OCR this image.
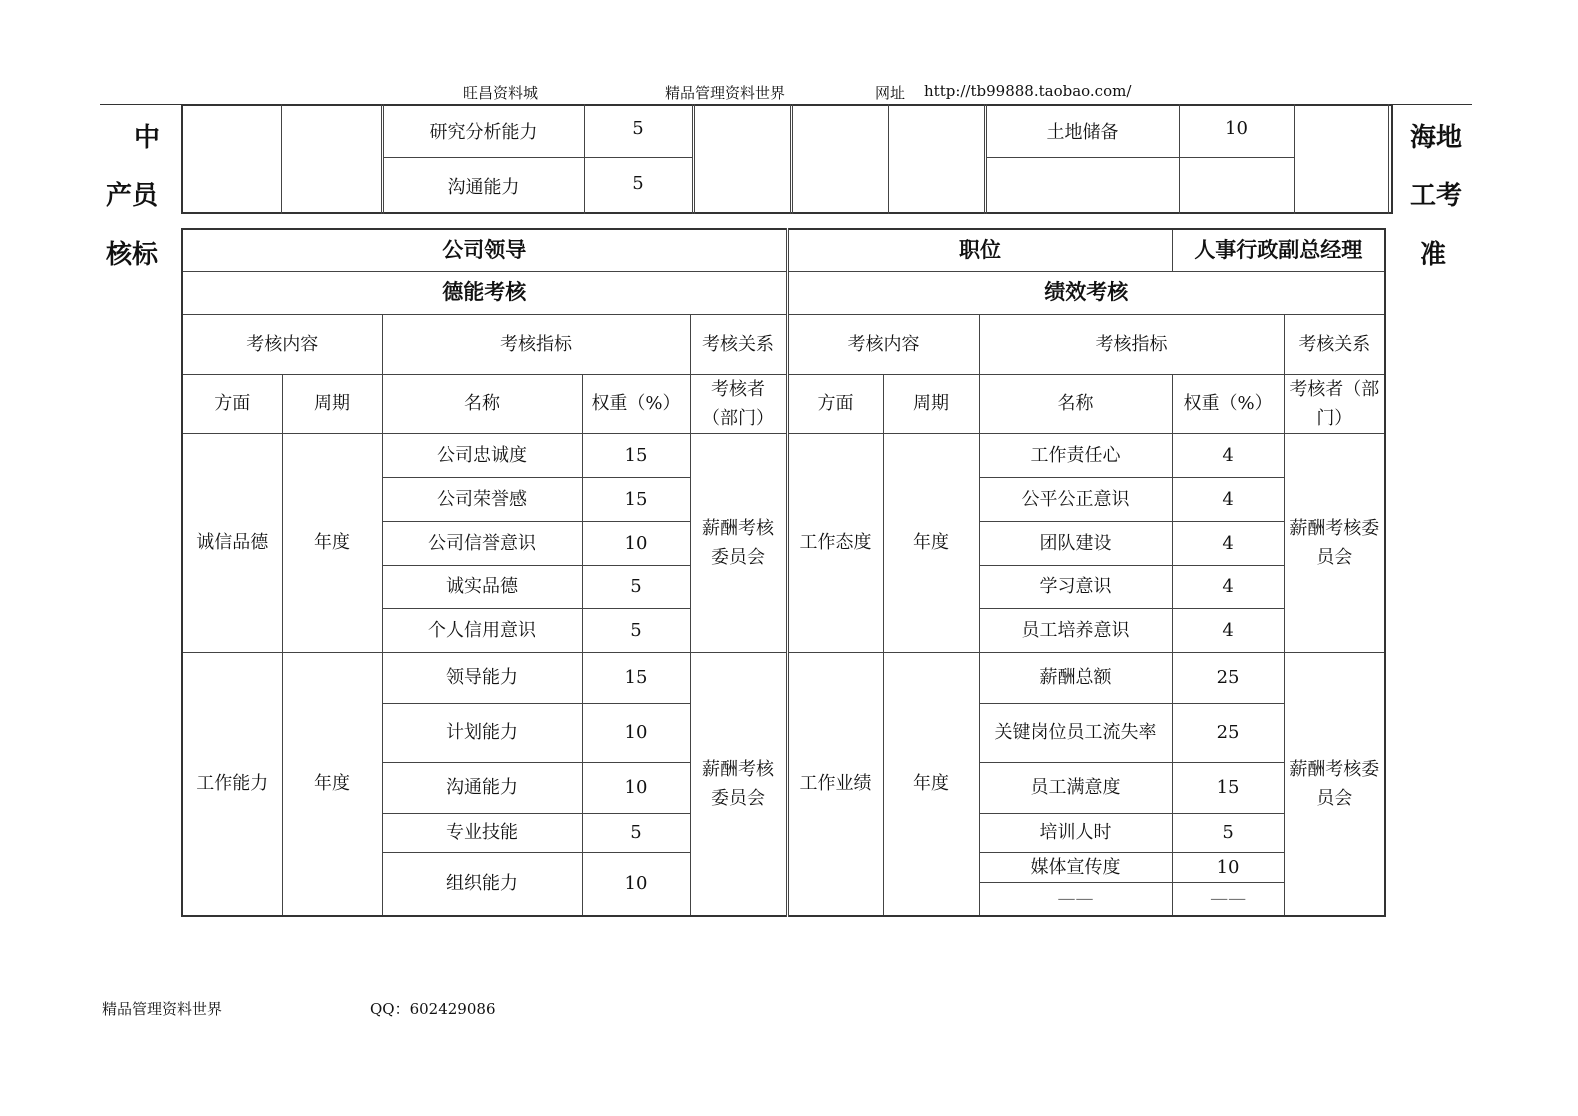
旺昌资料城	精品管理资料世界	网址 http://tb99888.taobao.com/
中
产员
核标
海地
工考
准
研究分析能力	5
沟通能力	5
土地储备	10
公司领导					职位			人事行政副总经理	
德能考核					绩效考核				
考核内容		考核指标		考核关系	考核内容		考核指标		考核关系
方面	周期	名称	权重（%）	考核者（部门）	方面	周期	名称	权重（%）	考核者（部门）
诚信品德	年度	公司忠诚度	15	薪酬考核委员会	工作态度	年度	工作责任心	4	薪酬考核委员会
		公司荣誉感	15				公平公正意识	4	
		公司信誉意识	10				团队建设	4	
		诚实品德	5				学习意识	4	
		个人信用意识	5				员工培养意识	4	
工作能力	年度	领导能力	15	薪酬考核委员会	工作业绩	年度	薪酬总额	25	薪酬考核委员会
		计划能力	10				关键岗位员工流失率	25	
		沟通能力	10				员工满意度	15	
		专业技能	5				培训人时	5	
		组织能力	10				媒体宣传度	10	
							——	——	
精品管理资料世界	QQ：602429086
